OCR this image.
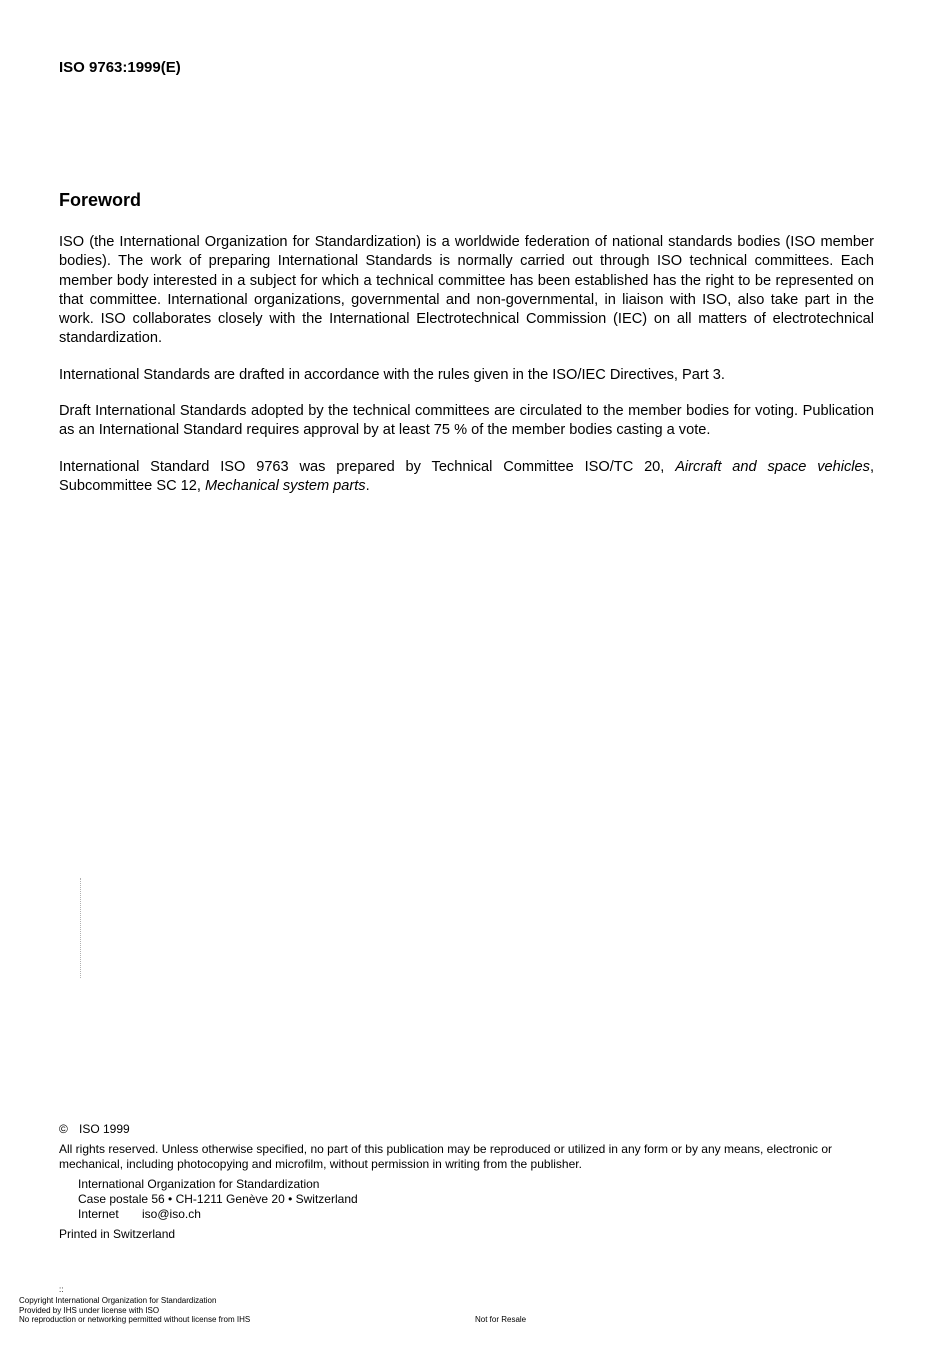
ISO 9763:1999(E)
Foreword

ISO (the International Organization for Standardization) is a worldwide federation of national standards bodies (ISO member bodies). The work of preparing International Standards is normally carried out through ISO technical committees. Each member body interested in a subject for which a technical committee has been established has the right to be represented on that committee. International organizations, governmental and non-governmental, in liaison with ISO, also take part in the work. ISO collaborates closely with the International Electrotechnical Commission (IEC) on all matters of electrotechnical standardization.

International Standards are drafted in accordance with the rules given in the ISO/IEC Directives, Part 3.

Draft International Standards adopted by the technical committees are circulated to the member bodies for voting. Publication as an International Standard requires approval by at least 75 % of the member bodies casting a vote.

International Standard ISO 9763 was prepared by Technical Committee ISO/TC 20, Aircraft and space vehicles, Subcommittee SC 12, Mechanical system parts.

© ISO 1999
All rights reserved. Unless otherwise specified, no part of this publication may be reproduced or utilized in any form or by any means, electronic or mechanical, including photocopying and microfilm, without permission in writing from the publisher.
International Organization for Standardization
Case postale 56 • CH-1211 Genève 20 • Switzerland
Internet iso@iso.ch
Printed in Switzerland
::
Copyright International Organization for Standardization
Provided by IHS under license with ISO
No reproduction or networking permitted without license from IHS	Not for Resale
